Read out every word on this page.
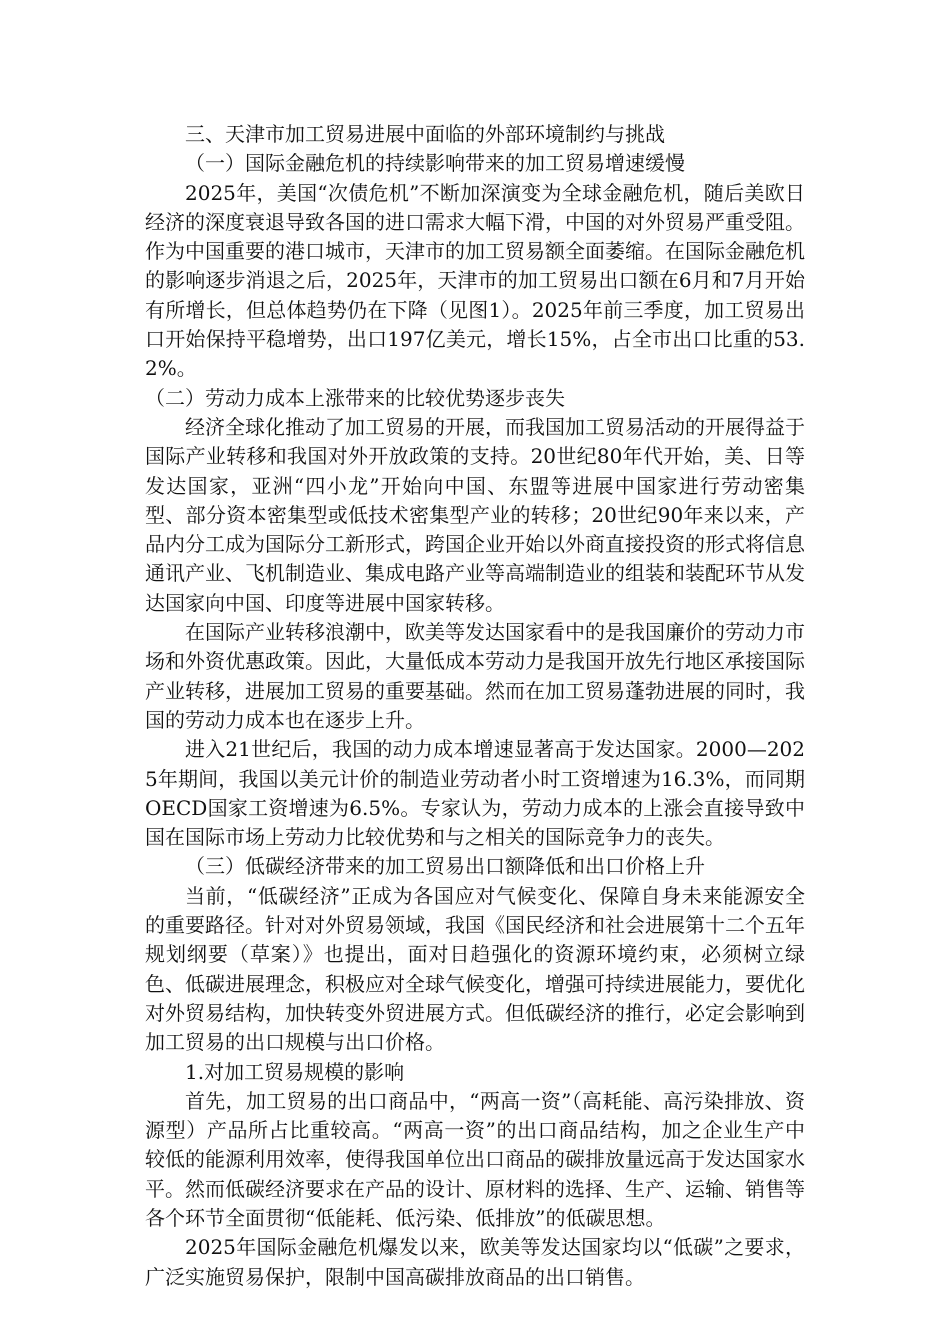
三、天津市加工贸易进展中面临的外部环境制约与挑战

（一）国际金融危机的持续影响带来的加工贸易增速缓慢

2025年，美国“次债危机”不断加深演变为全球金融危机，随后美欧日经济的深度衰退导致各国的进口需求大幅下滑，中国的对外贸易严重受阻。作为中国重要的港口城市，天津市的加工贸易额全面萎缩。在国际金融危机的影响逐步消退之后，2025年，天津市的加工贸易出口额在6月和7月开始有所增长，但总体趋势仍在下降（见图1）。2025年前三季度，加工贸易出口开始保持平稳增势，出口197亿美元，增长15%，占全市出口比重的53.2%。

（二）劳动力成本上涨带来的比较优势逐步丧失

经济全球化推动了加工贸易的开展，而我国加工贸易活动的开展得益于国际产业转移和我国对外开放政策的支持。20世纪80年代开始，美、日等发达国家，亚洲“四小龙”开始向中国、东盟等进展中国家进行劳动密集型、部分资本密集型或低技术密集型产业的转移；20世纪90年来以来，产品内分工成为国际分工新形式，跨国企业开始以外商直接投资的形式将信息通讯产业、飞机制造业、集成电路产业等高端制造业的组装和装配环节从发达国家向中国、印度等进展中国家转移。

在国际产业转移浪潮中，欧美等发达国家看中的是我国廉价的劳动力市场和外资优惠政策。因此，大量低成本劳动力是我国开放先行地区承接国际产业转移，进展加工贸易的重要基础。然而在加工贸易蓬勃进展的同时，我国的劳动力成本也在逐步上升。

进入21世纪后，我国的动力成本增速显著高于发达国家。2000—2025年期间，我国以美元计价的制造业劳动者小时工资增速为16.3%，而同期OECD国家工资增速为6.5%。专家认为，劳动力成本的上涨会直接导致中国在国际市场上劳动力比较优势和与之相关的国际竞争力的丧失。

（三）低碳经济带来的加工贸易出口额降低和出口价格上升

当前，“低碳经济”正成为各国应对气候变化、保障自身未来能源安全的重要路径。针对对外贸易领域，我国《国民经济和社会进展第十二个五年规划纲要（草案）》也提出，面对日趋强化的资源环境约束，必须树立绿色、低碳进展理念，积极应对全球气候变化，增强可持续进展能力，要优化对外贸易结构，加快转变外贸进展方式。但低碳经济的推行，必定会影响到加工贸易的出口规模与出口价格。

1.对加工贸易规模的影响

首先，加工贸易的出口商品中，“两高一资”（高耗能、高污染排放、资源型）产品所占比重较高。“两高一资”的出口商品结构，加之企业生产中较低的能源利用效率，使得我国单位出口商品的碳排放量远高于发达国家水平。然而低碳经济要求在产品的设计、原材料的选择、生产、运输、销售等各个环节全面贯彻“低能耗、低污染、低排放”的低碳思想。

2025年国际金融危机爆发以来，欧美等发达国家均以“低碳”之要求，广泛实施贸易保护，限制中国高碳排放商品的出口销售。
